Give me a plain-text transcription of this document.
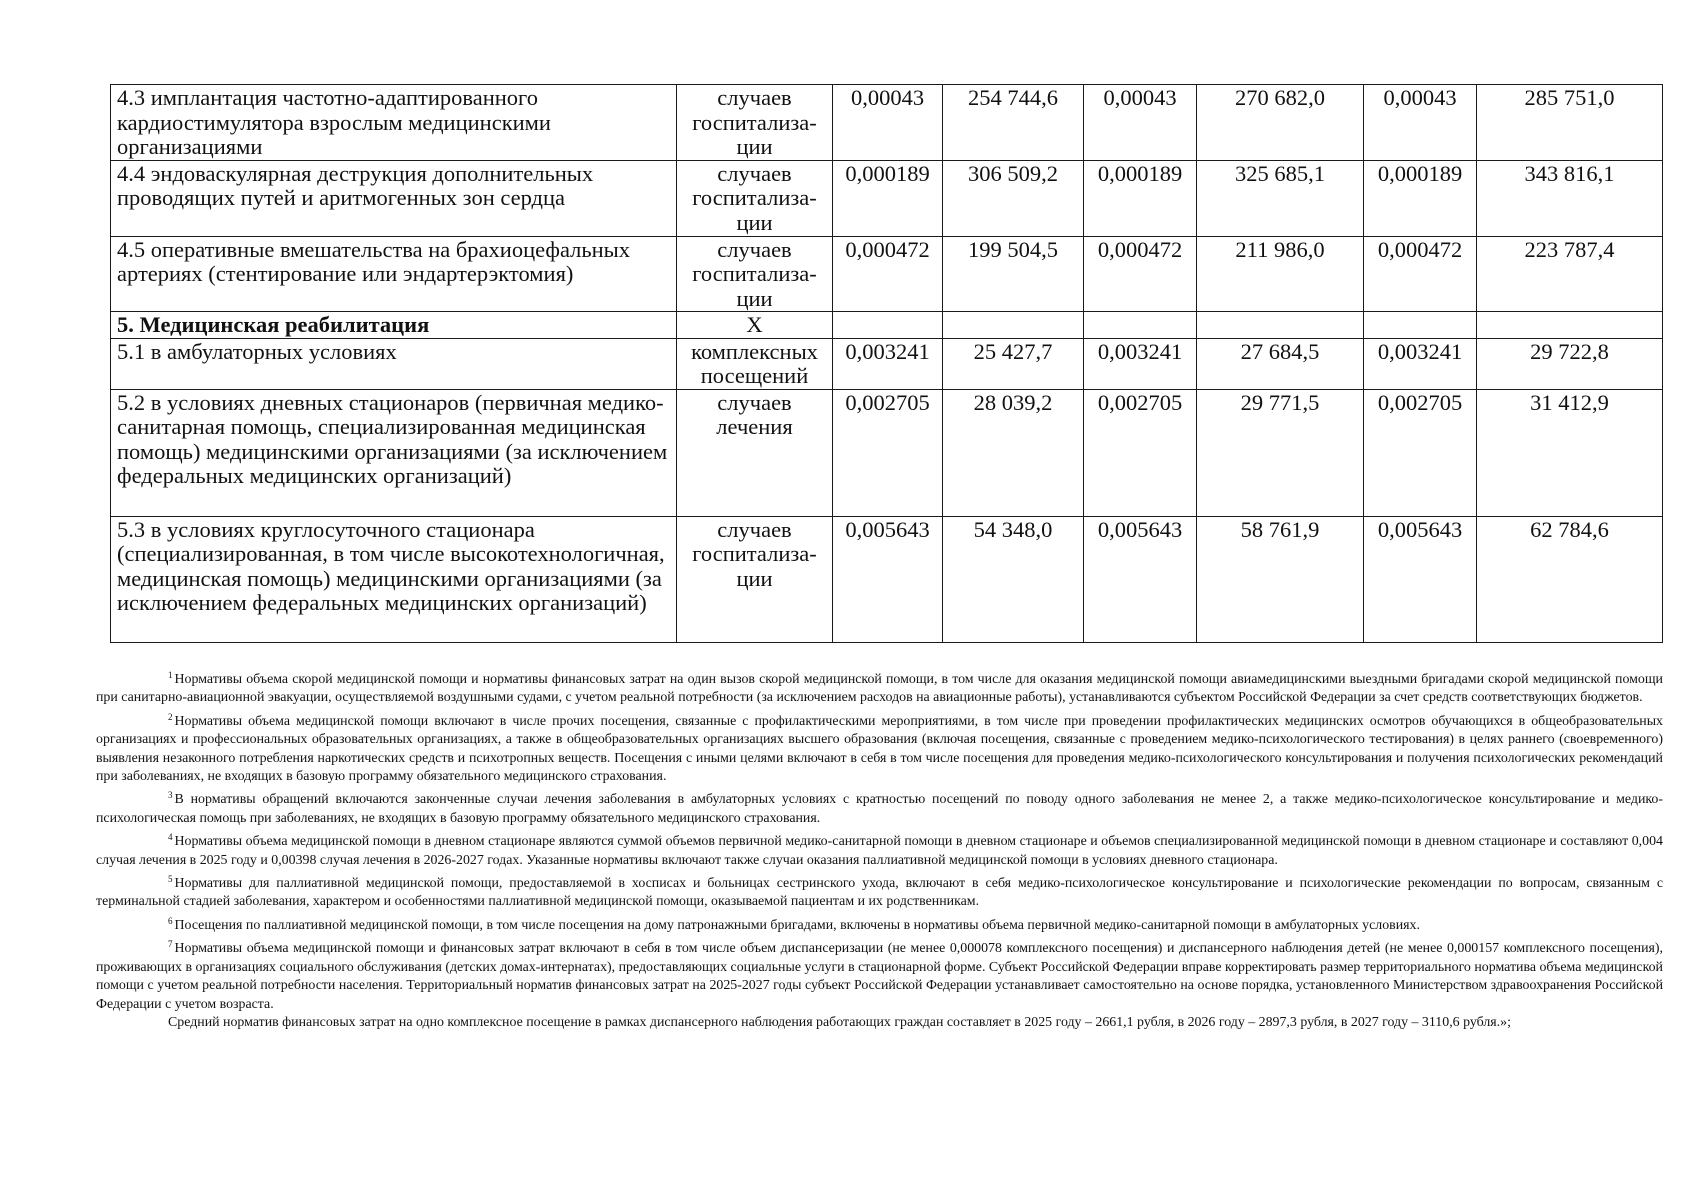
4.3 имплантация частотно-адаптированного кардиостимулятора взрослым медицинскими организациями	случаев госпитализа-ции	0,00043	254 744,6	0,00043	270 682,0	0,00043	285 751,0
4.4 эндоваскулярная деструкция дополнительных проводящих путей и аритмогенных зон сердца	случаев госпитализа-ции	0,000189	306 509,2	0,000189	325 685,1	0,000189	343 816,1
4.5 оперативные вмешательства на брахиоцефальных артериях (стентирование или эндартерэктомия)	случаев госпитализа-ции	0,000472	199 504,5	0,000472	211 986,0	0,000472	223 787,4
5. Медицинская реабилитация	X						
5.1 в амбулаторных условиях	комплексных посещений	0,003241	25 427,7	0,003241	27 684,5	0,003241	29 722,8
5.2 в условиях дневных стационаров (первичная медико-санитарная помощь, специализированная медицинская помощь) медицинскими организациями (за исключением федеральных медицинских организаций)	случаев лечения	0,002705	28 039,2	0,002705	29 771,5	0,002705	31 412,9
5.3 в условиях круглосуточного стационара (специализированная, в том числе высокотехнологичная, медицинская помощь) медицинскими организациями (за исключением федеральных медицинских организаций)	случаев госпитализа-ции	0,005643	54 348,0	0,005643	58 761,9	0,005643	62 784,6

$^1$ Нормативы объема скорой медицинской помощи и нормативы финансовых затрат на один вызов скорой медицинской помощи, в том числе для оказания медицинской помощи авиамедицинскими выездными бригадами скорой медицинской помощи при санитарно-авиационной эвакуации, осуществляемой воздушными судами, с учетом реальной потребности (за исключением расходов на авиационные работы), устанавливаются субъектом Российской Федерации за счет средств соответствующих бюджетов.

$^2$ Нормативы объема медицинской помощи включают в числе прочих посещения, связанные с профилактическими мероприятиями, в том числе при проведении профилактических медицинских осмотров обучающихся в общеобразовательных организациях и профессиональных образовательных организациях, а также в общеобразовательных организациях высшего образования (включая посещения, связанные с проведением медико-психологического тестирования) в целях раннего (своевременного) выявления незаконного потребления наркотических средств и психотропных веществ. Посещения с иными целями включают в себя в том числе посещения для проведения медико-психологического консультирования и получения психологических рекомендаций при заболеваниях, не входящих в базовую программу обязательного медицинского страхования.

$^3$ В нормативы обращений включаются законченные случаи лечения заболевания в амбулаторных условиях с кратностью посещений по поводу одного заболевания не менее 2, а также медико-психологическое консультирование и медико-психологическая помощь при заболеваниях, не входящих в базовую программу обязательного медицинского страхования.

$^4$ Нормативы объема медицинской помощи в дневном стационаре являются суммой объемов первичной медико-санитарной помощи в дневном стационаре и объемов специализированной медицинской помощи в дневном стационаре и составляют 0,004 случая лечения в 2025 году и 0,00398 случая лечения в 2026-2027 годах. Указанные нормативы включают также случаи оказания паллиативной медицинской помощи в условиях дневного стационара.

$^5$ Нормативы для паллиативной медицинской помощи, предоставляемой в хосписах и больницах сестринского ухода, включают в себя медико-психологическое консультирование и психологические рекомендации по вопросам, связанным с терминальной стадией заболевания, характером и особенностями паллиативной медицинской помощи, оказываемой пациентам и их родственникам.

$^6$ Посещения по паллиативной медицинской помощи, в том числе посещения на дому патронажными бригадами, включены в нормативы объема первичной медико-санитарной помощи в амбулаторных условиях.

$^7$ Нормативы объема медицинской помощи и финансовых затрат включают в себя в том числе объем диспансеризации (не менее 0,000078 комплексного посещения) и диспансерного наблюдения детей (не менее 0,000157 комплексного посещения), проживающих в организациях социального обслуживания (детских домах-интернатах), предоставляющих социальные услуги в стационарной форме. Субъект Российской Федерации вправе корректировать размер территориального норматива объема медицинской помощи с учетом реальной потребности населения. Территориальный норматив финансовых затрат на 2025-2027 годы субъект Российской Федерации устанавливает самостоятельно на основе порядка, установленного Министерством здравоохранения Российской Федерации с учетом возраста.

Средний норматив финансовых затрат на одно комплексное посещение в рамках диспансерного наблюдения работающих граждан составляет в 2025 году – 2661,1 рубля, в 2026 году – 2897,3 рубля, в 2027 году – 3110,6 рубля.»;
